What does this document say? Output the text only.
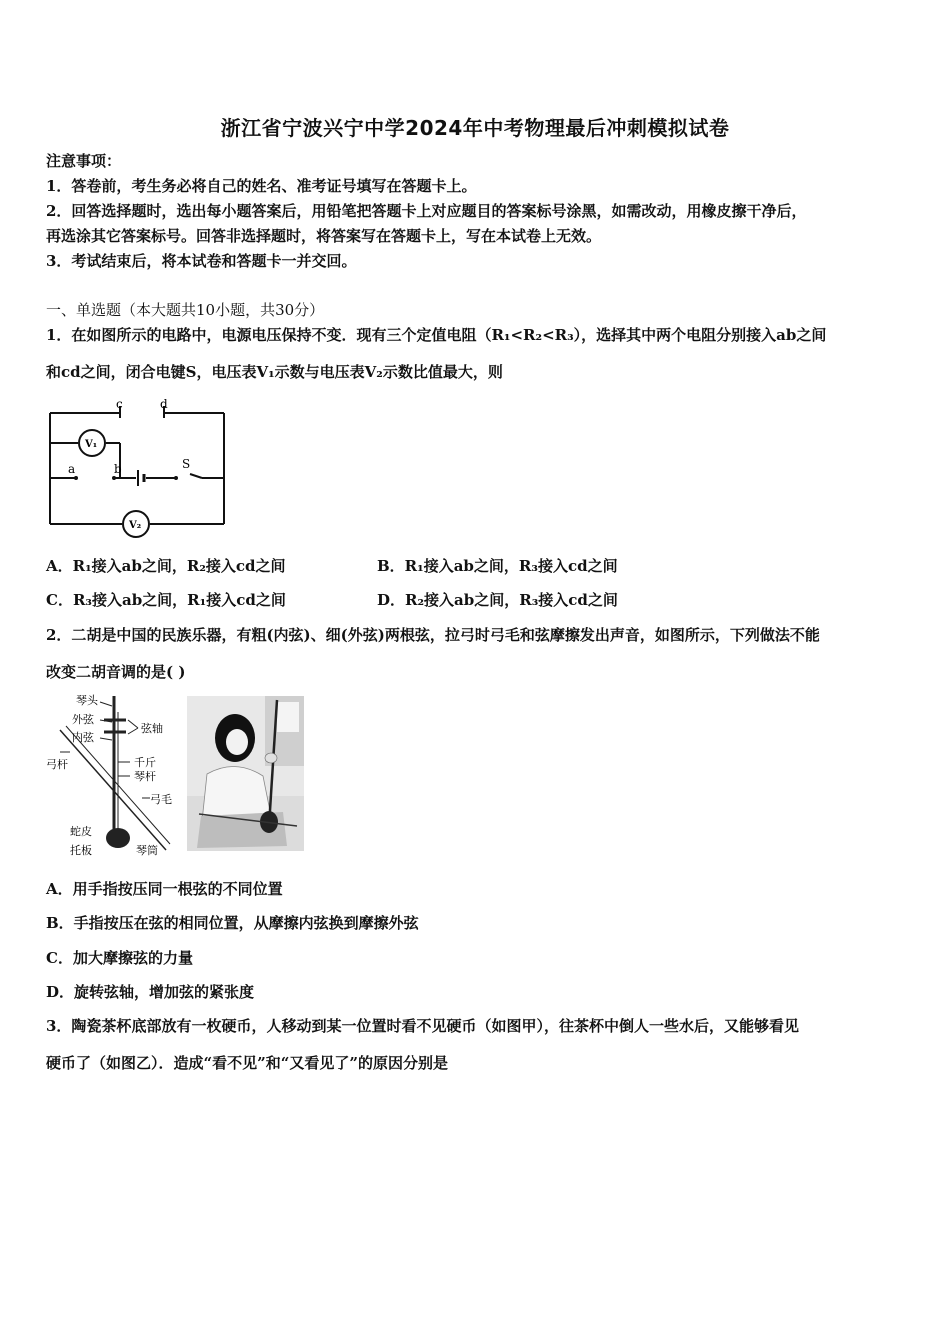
浙江省宁波兴宁中学2024年中考物理最后冲刺模拟试卷
注意事项：
1．答卷前，考生务必将自己的姓名、准考证号填写在答题卡上。
2．回答选择题时，选出每小题答案后，用铅笔把答题卡上对应题目的答案标号涂黑，如需改动，用橡皮擦干净后，
再选涂其它答案标号。回答非选择题时，将答案写在答题卡上，写在本试卷上无效。
3．考试结束后，将本试卷和答题卡一并交回。
一、单选题（本大题共10小题，共30分）
1．在如图所示的电路中，电源电压保持不变．现有三个定值电阻（R₁<R₂<R₃），选择其中两个电阻分别接入ab之间
和cd之间，闭合电键S，电压表V₁示数与电压表V₂示数比值最大，则
c	d
V₁
a	b	S
V₂
A．R₁接入ab之间，R₂接入cd之间	B．R₁接入ab之间，R₃接入cd之间
C．R₃接入ab之间，R₁接入cd之间	D．R₂接入ab之间，R₃接入cd之间
2．二胡是中国的民族乐器，有粗(内弦)、细(外弦)两根弦，拉弓时弓毛和弦摩擦发出声音，如图所示，下列做法不能
改变二胡音调的是( )
琴头
外弦
内弦
弦轴
弓杆	千斤
琴杆
弓毛
蛇皮
托板	琴筒
A．用手指按压同一根弦的不同位置
B．手指按压在弦的相同位置，从摩擦内弦换到摩擦外弦
C．加大摩擦弦的力量
D．旋转弦轴，增加弦的紧张度
3．陶瓷茶杯底部放有一枚硬币，人移动到某一位置时看不见硬币（如图甲），往茶杯中倒人一些水后，又能够看见
硬币了（如图乙）．造成“看不见”和“又看见了”的原因分别是
